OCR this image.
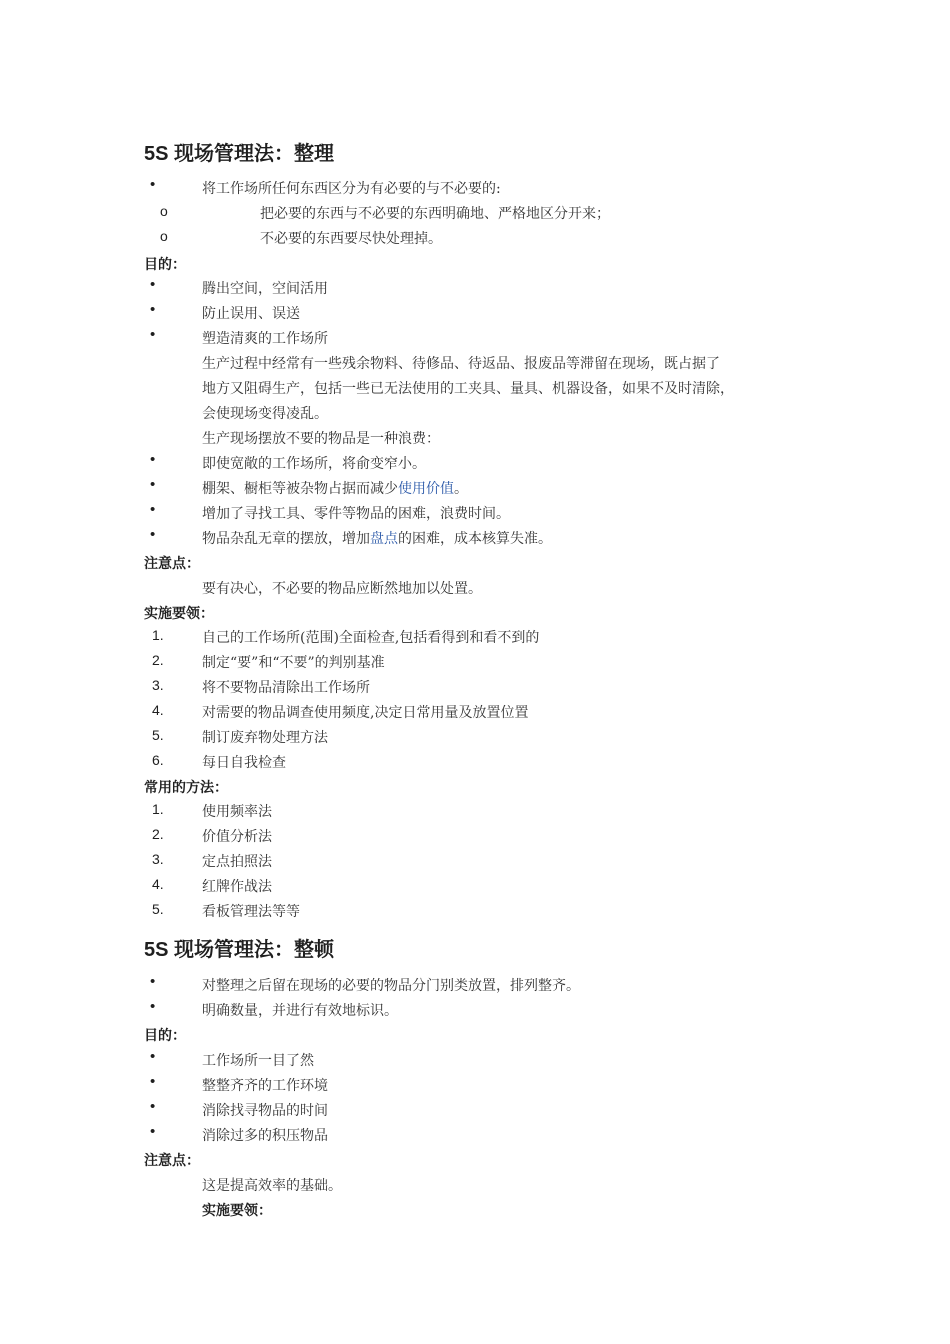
5S 现场管理法：整理
•	将工作场所任何东西区分为有必要的与不必要的:
o	把必要的东西与不必要的东西明确地、严格地区分开来；
o	不必要的东西要尽快处理掉。
目的：
•	腾出空间，空间活用
•	防止误用、误送
•	塑造清爽的工作场所
生产过程中经常有一些残余物料、待修品、待返品、报废品等滞留在现场，既占据了
地方又阻碍生产，包括一些已无法使用的工夹具、量具、机器设备，如果不及时清除，
会使现场变得凌乱。
生产现场摆放不要的物品是一种浪费：
•	即使宽敞的工作场所，将俞变窄小。
•	棚架、橱柜等被杂物占据而减少使用价值。
•	增加了寻找工具、零件等物品的困难，浪费时间。
•	物品杂乱无章的摆放，增加盘点的困难，成本核算失准。
注意点：
要有决心，不必要的物品应断然地加以处置。
实施要领：
1.	自己的工作场所(范围)全面检查,包括看得到和看不到的
2.	制定“要”和“不要”的判别基准
3.	将不要物品清除出工作场所
4.	对需要的物品调查使用频度,决定日常用量及放置位置
5.	制订废弃物处理方法
6.	每日自我检查
常用的方法：
1.	使用频率法
2.	价值分析法
3.	定点拍照法
4.	红牌作战法
5.	看板管理法等等
5S 现场管理法：整顿
•	对整理之后留在现场的必要的物品分门别类放置，排列整齐。
•	明确数量，并进行有效地标识。
目的：
•	工作场所一目了然
•	整整齐齐的工作环境
•	消除找寻物品的时间
•	消除过多的积压物品
注意点：
这是提高效率的基础。
实施要领：
